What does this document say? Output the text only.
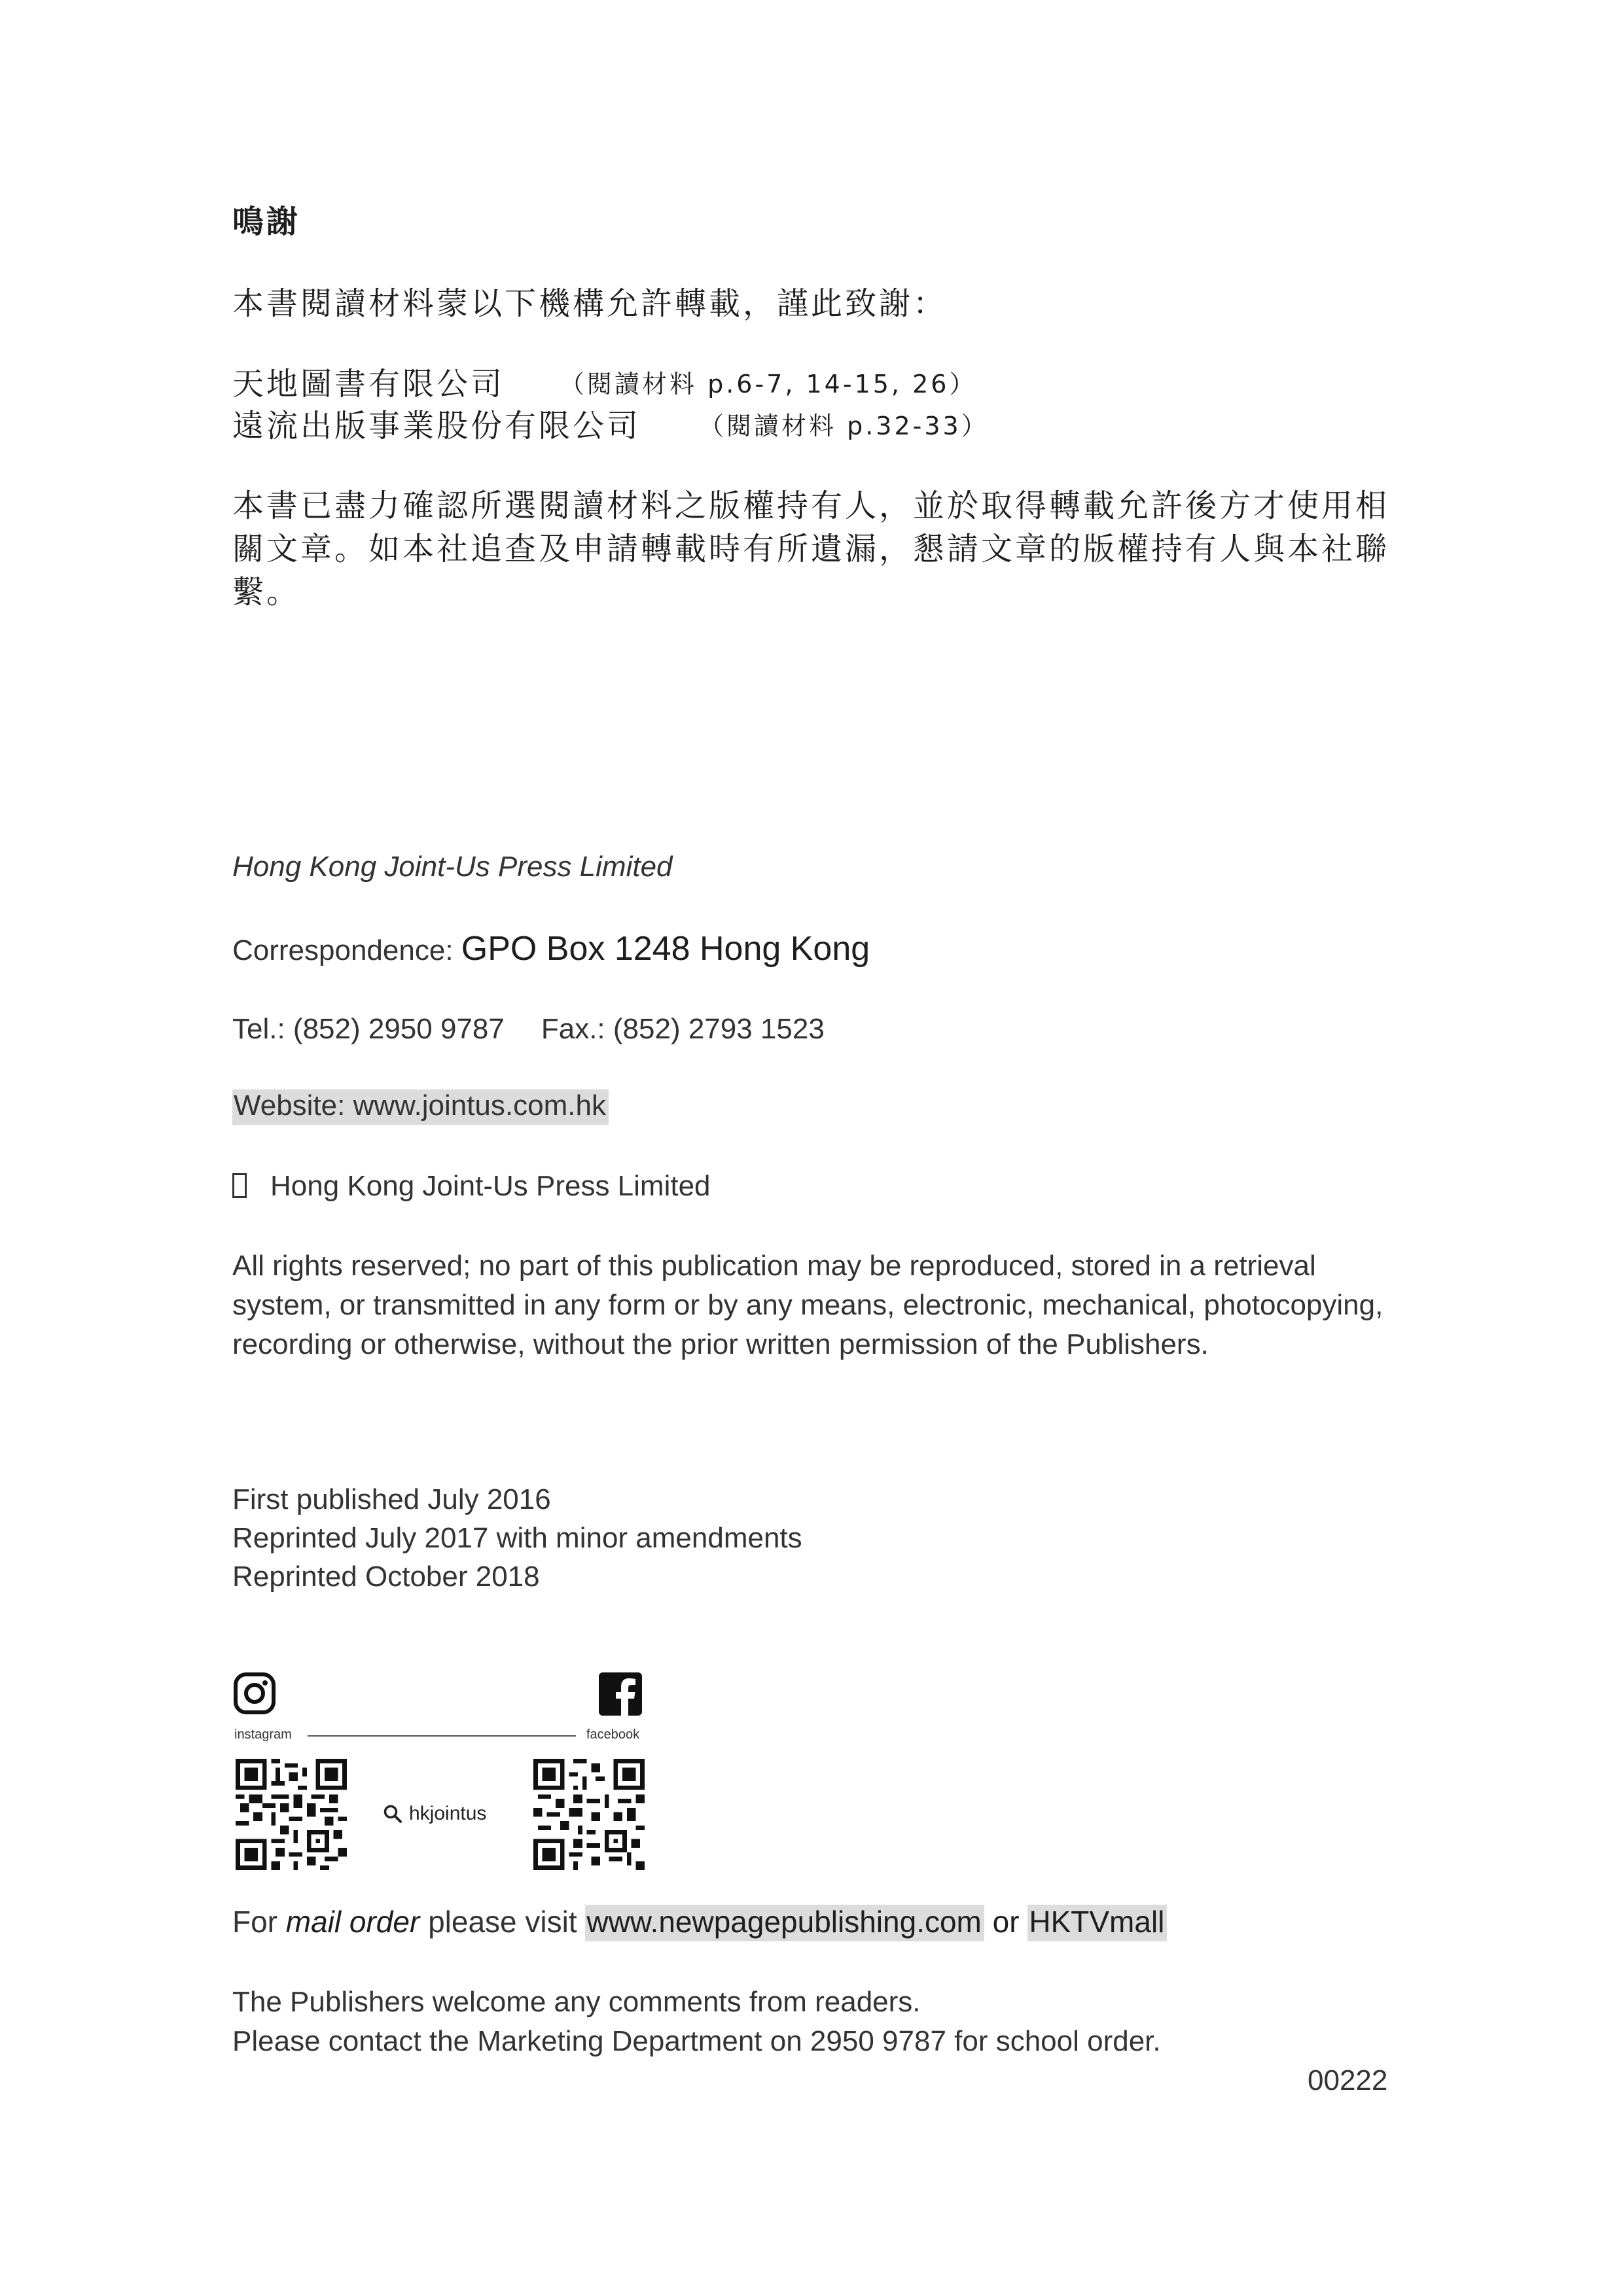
鳴謝
本書閱讀材料蒙以下機構允許轉載，謹此致謝：
天地圖書有限公司 （閱讀材料 p.6-7, 14-15, 26）
遠流出版事業股份有限公司 （閱讀材料 p.32-33）
本書已盡力確認所選閱讀材料之版權持有人，並於取得轉載允許後方才使用相關文章。如本社追查及申請轉載時有所遺漏，懇請文章的版權持有人與本社聯繫。
Hong Kong Joint-Us Press Limited
Correspondence: GPO Box 1248 Hong Kong
Tel.: (852) 2950 9787 Fax.: (852) 2793 1523
Website: www.jointus.com.hk
Hong Kong Joint-Us Press Limited
All rights reserved; no part of this publication may be reproduced, stored in a retrieval system, or transmitted in any form or by any means, electronic, mechanical, photocopying, recording or otherwise, without the prior written permission of the Publishers.
First published July 2016
Reprinted July 2017 with minor amendments
Reprinted October 2018
instagram	facebook
hkjointus
For mail order please visit www.newpagepublishing.com or HKTVmall
The Publishers welcome any comments from readers.
Please contact the Marketing Department on 2950 9787 for school order.
00222
